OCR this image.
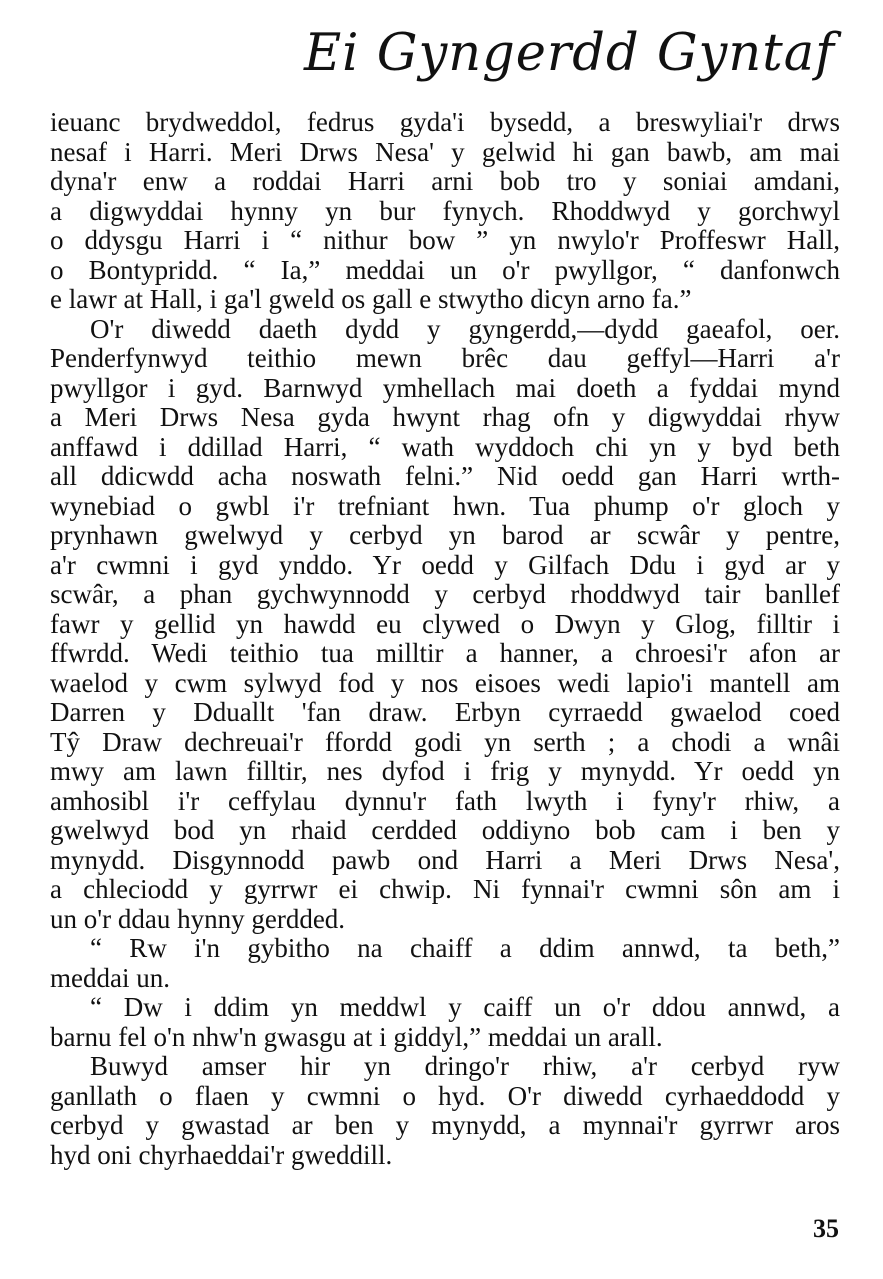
Ei Gyngerdd Gyntaf
ieuanc brydweddol, fedrus gyda'i bysedd, a breswyliai'r drws
nesaf i Harri. Meri Drws Nesa' y gelwid hi gan bawb, am mai
dyna'r enw a roddai Harri arni bob tro y soniai amdani,
a digwyddai hynny yn bur fynych. Rhoddwyd y gorchwyl
o ddysgu Harri i “ nithur bow ” yn nwylo'r Proffeswr Hall,
o Bontypridd. “ Ia,” meddai un o'r pwyllgor, “ danfonwch
e lawr at Hall, i ga'l gweld os gall e stwytho dicyn arno fa.”
O'r diwedd daeth dydd y gyngerdd,—dydd gaeafol, oer.
Penderfynwyd teithio mewn brêc dau geffyl—Harri a'r
pwyllgor i gyd. Barnwyd ymhellach mai doeth a fyddai mynd
a Meri Drws Nesa gyda hwynt rhag ofn y digwyddai rhyw
anffawd i ddillad Harri, “ wath wyddoch chi yn y byd beth
all ddicwdd acha noswath felni.” Nid oedd gan Harri wrth-
wynebiad o gwbl i'r trefniant hwn. Tua phump o'r gloch y
prynhawn gwelwyd y cerbyd yn barod ar scwâr y pentre,
a'r cwmni i gyd ynddo. Yr oedd y Gilfach Ddu i gyd ar y
scwâr, a phan gychwynnodd y cerbyd rhoddwyd tair banllef
fawr y gellid yn hawdd eu clywed o Dwyn y Glog, filltir i
ffwrdd. Wedi teithio tua milltir a hanner, a chroesi'r afon ar
waelod y cwm sylwyd fod y nos eisoes wedi lapio'i mantell am
Darren y Dduallt 'fan draw. Erbyn cyrraedd gwaelod coed
Tŷ Draw dechreuai'r ffordd godi yn serth ; a chodi a wnâi
mwy am lawn filltir, nes dyfod i frig y mynydd. Yr oedd yn
amhosibl i'r ceffylau dynnu'r fath lwyth i fyny'r rhiw, a
gwelwyd bod yn rhaid cerdded oddiyno bob cam i ben y
mynydd. Disgynnodd pawb ond Harri a Meri Drws Nesa',
a chleciodd y gyrrwr ei chwip. Ni fynnai'r cwmni sôn am i
un o'r ddau hynny gerdded.
“ Rw i'n gybitho na chaiff a ddim annwd, ta beth,”
meddai un.
“ Dw i ddim yn meddwl y caiff un o'r ddou annwd, a
barnu fel o'n nhw'n gwasgu at i giddyl,” meddai un arall.
Buwyd amser hir yn dringo'r rhiw, a'r cerbyd ryw
ganllath o flaen y cwmni o hyd. O'r diwedd cyrhaeddodd y
cerbyd y gwastad ar ben y mynydd, a mynnai'r gyrrwr aros
hyd oni chyrhaeddai'r gweddill.
35
